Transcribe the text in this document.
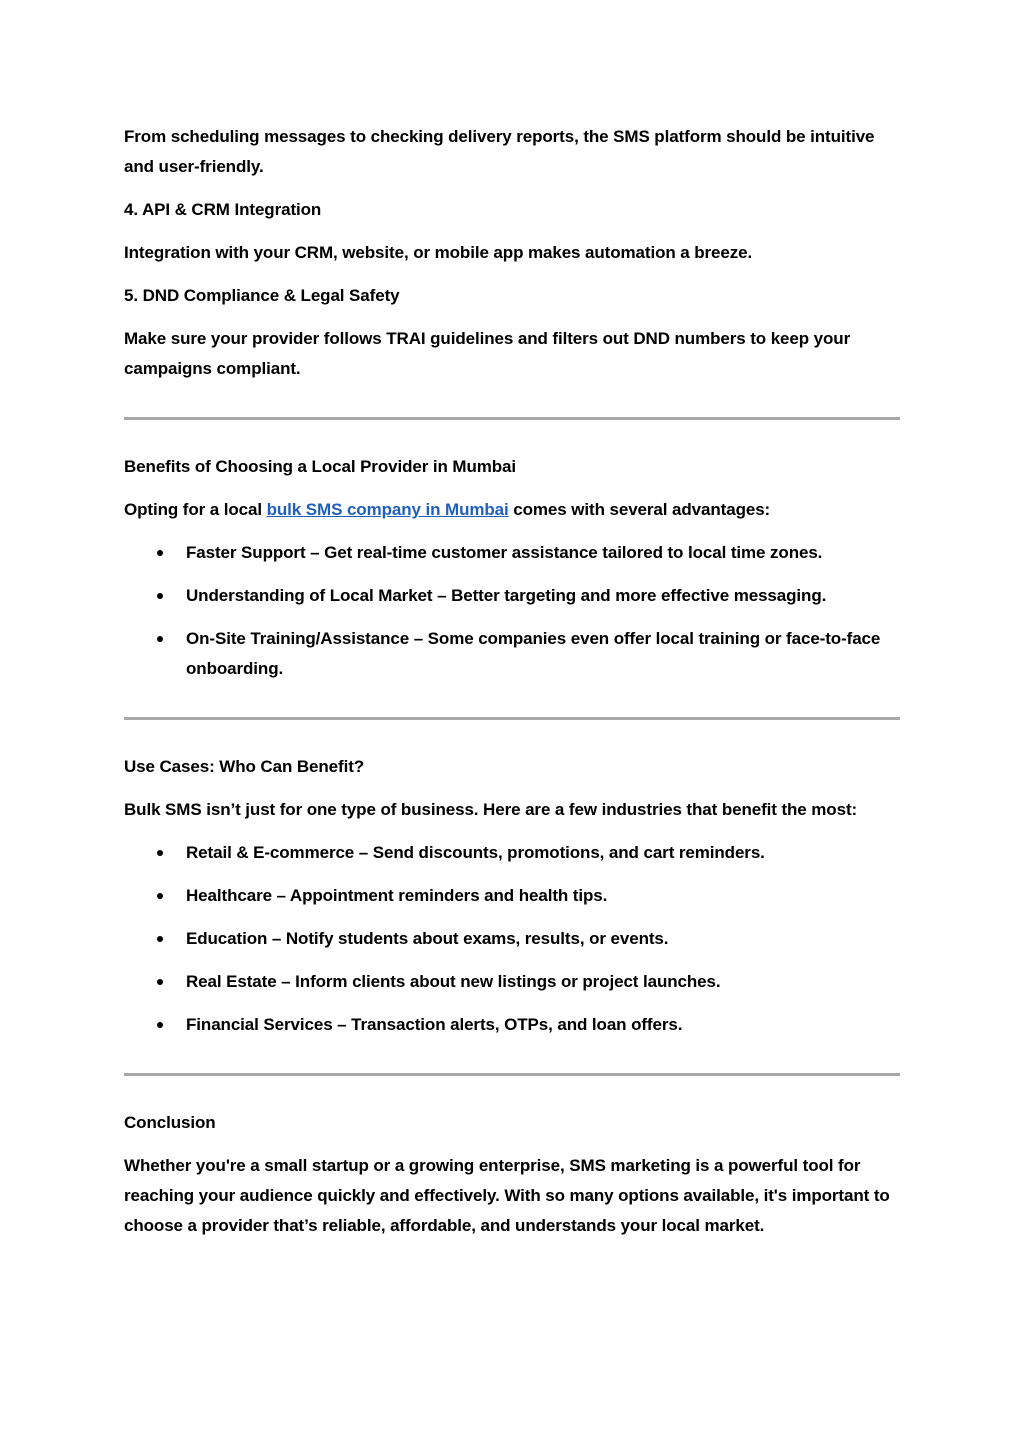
From scheduling messages to checking delivery reports, the SMS platform should be intuitive and user-friendly.

4. API & CRM Integration

Integration with your CRM, website, or mobile app makes automation a breeze.

5. DND Compliance & Legal Safety

Make sure your provider follows TRAI guidelines and filters out DND numbers to keep your campaigns compliant.

Benefits of Choosing a Local Provider in Mumbai

Opting for a local bulk SMS company in Mumbai comes with several advantages:

Faster Support – Get real-time customer assistance tailored to local time zones.
Understanding of Local Market – Better targeting and more effective messaging.
On-Site Training/Assistance – Some companies even offer local training or face-to-face onboarding.

Use Cases: Who Can Benefit?

Bulk SMS isn’t just for one type of business. Here are a few industries that benefit the most:

Retail & E-commerce – Send discounts, promotions, and cart reminders.
Healthcare – Appointment reminders and health tips.
Education – Notify students about exams, results, or events.
Real Estate – Inform clients about new listings or project launches.
Financial Services – Transaction alerts, OTPs, and loan offers.

Conclusion

Whether you're a small startup or a growing enterprise, SMS marketing is a powerful tool for reaching your audience quickly and effectively. With so many options available, it's important to choose a provider that’s reliable, affordable, and understands your local market.
